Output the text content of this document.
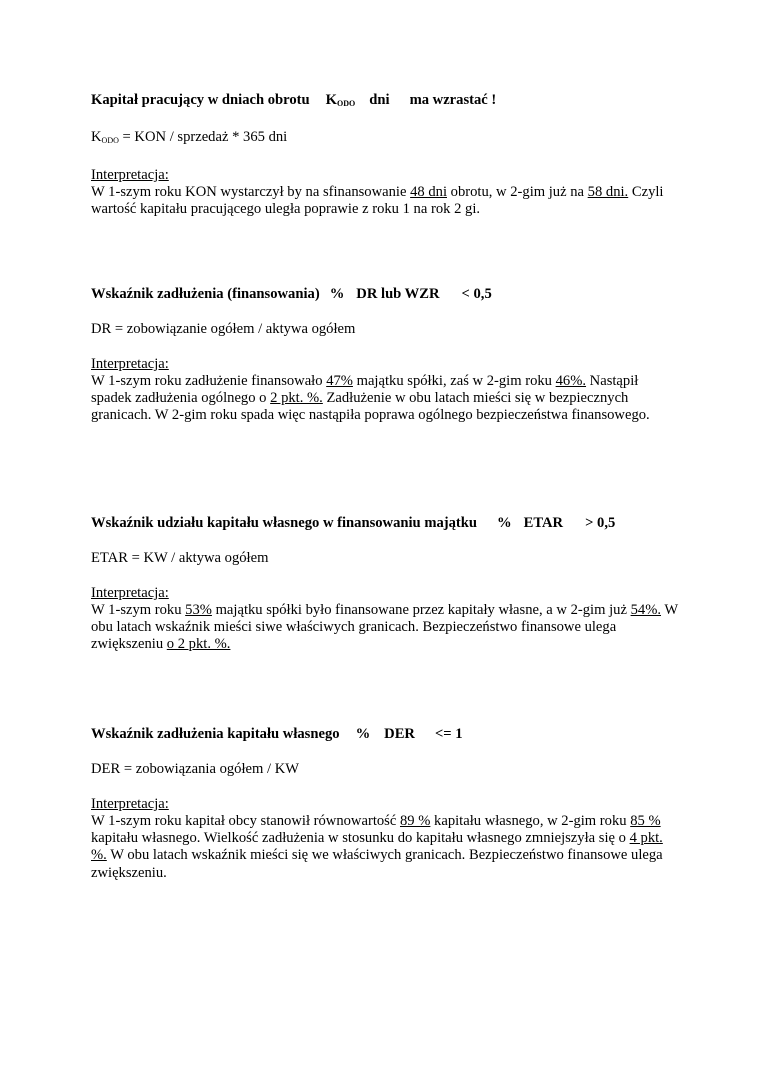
Kapitał pracujący w dniach obrotu $K_{ODO}$ dni ma wzrastać !
$K_{ODO}$ = KON / sprzedaż * 365 dni
Interpretacja:
W 1-szym roku KON wystarczył by na sfinansowanie 48 dni obrotu, w 2-gim już na 58 dni. Czyli wartość kapitału pracującego uległa poprawie z roku 1 na rok 2 gi.
Wskaźnik zadłużenia (finansowania) % DR lub WZR < 0,5
DR = zobowiązanie ogółem / aktywa ogółem
Interpretacja:
W 1-szym roku zadłużenie finansowało 47% majątku spółki, zaś w 2-gim roku 46%. Nastąpił spadek zadłużenia ogólnego o 2 pkt. %. Zadłużenie w obu latach mieści się w bezpiecznych granicach. W 2-gim roku spada więc nastąpiła poprawa ogólnego bezpieczeństwa finansowego.
Wskaźnik udziału kapitału własnego w finansowaniu majątku % ETAR > 0,5
ETAR = KW / aktywa ogółem
Interpretacja:
W 1-szym roku 53% majątku spółki było finansowane przez kapitały własne, a w 2-gim już 54%. W obu latach wskaźnik mieści siwe właściwych granicach. Bezpieczeństwo finansowe ulega zwiększeniu o 2 pkt. %.
Wskaźnik zadłużenia kapitału własnego % DER <= 1
DER = zobowiązania ogółem / KW
Interpretacja:
W 1-szym roku kapitał obcy stanowił równowartość 89 % kapitału własnego, w 2-gim roku 85 % kapitału własnego. Wielkość zadłużenia w stosunku do kapitału własnego zmniejszyła się o 4 pkt. %. W obu latach wskaźnik mieści się we właściwych granicach. Bezpieczeństwo finansowe ulega zwiększeniu.
